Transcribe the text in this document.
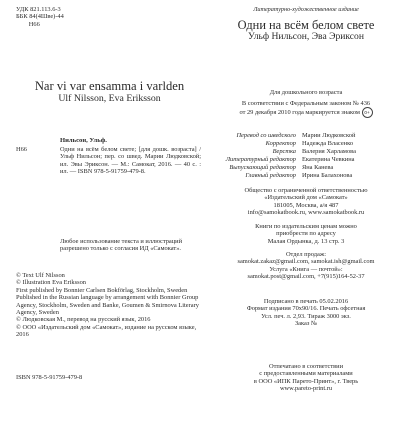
УДК 821.113.6-3

ББК 84(4Шве)-44

Н66

Nar vi var ensamma i varlden
Ulf Nilsson, Eva Eriksson
Нильсон, Ульф.
Н66	Одни на всём белом свете; [для дошк. возраста] / Ульф Нильсон; пер. со швед. Марии Людковской; ил. Эвы Эриксон. — М.: Самокат, 2016. — 40 с. : ил. — ISBN 978-5-91759-479-8.
Любое использование текста и иллюстраций разрешено только с согласия ИД «Самокат».

© Text Ulf Nilsson

© Illustration Eva Eriksson

First published by Bonnier Carlsen Bokförlag, Stockholm, Sweden

Published in the Russian language by arrangement with Bonnier Group Agency, Stockholm, Sweden and Banke, Goumen & Smirnova Literary Agency, Sweden

© Людковская М., перевод на русский язык, 2016

© ООО «Издательский дом «Самокат», издание на русском языке, 2016

ISBN 978-5-91759-479-8
Литературно-художественное издание
Одни на всём белом свете
Ульф Нильсон, Эва Эриксон
Для дошкольного возраста
В соответствии с Федеральным законом № 436
от 29 декабря 2010 года маркируется знаком 0+
Перевод со шведского Марии Людковской
Корректор Надежда Власенко
Верстка Валерия Харламова
Литературный редактор Екатерина Чевкина
Выпускающий редактор Яна Канева
Главный редактор Ирина Балахонова
Общество с ограниченной ответственностью
«Издательский дом «Самокат»
181005, Москва, а/я 487
info@samokatbook.ru, www.samokatbook.ru
Книги по издательским ценам можно
приобрести по адресу
Малая Ордынка, д. 13 стр. 3
Отдел продаж:
samokat.zakaz@gmail.com, samokat.ish@gmail.com
Услуга «Книга — почтой»:
samokat.post@gmail.com, +7(915)164-52-37
Подписано в печать 05.02.2016
Формат издания 70x90/16. Печать офсетная
Усл. печ. л. 2,93. Тираж 3000 экз.
Заказ №
Отпечатано в соответствии
с предоставленными материалами
в ООО «ИПК Парето-Принт», г. Тверь
www.pareto-print.ru
